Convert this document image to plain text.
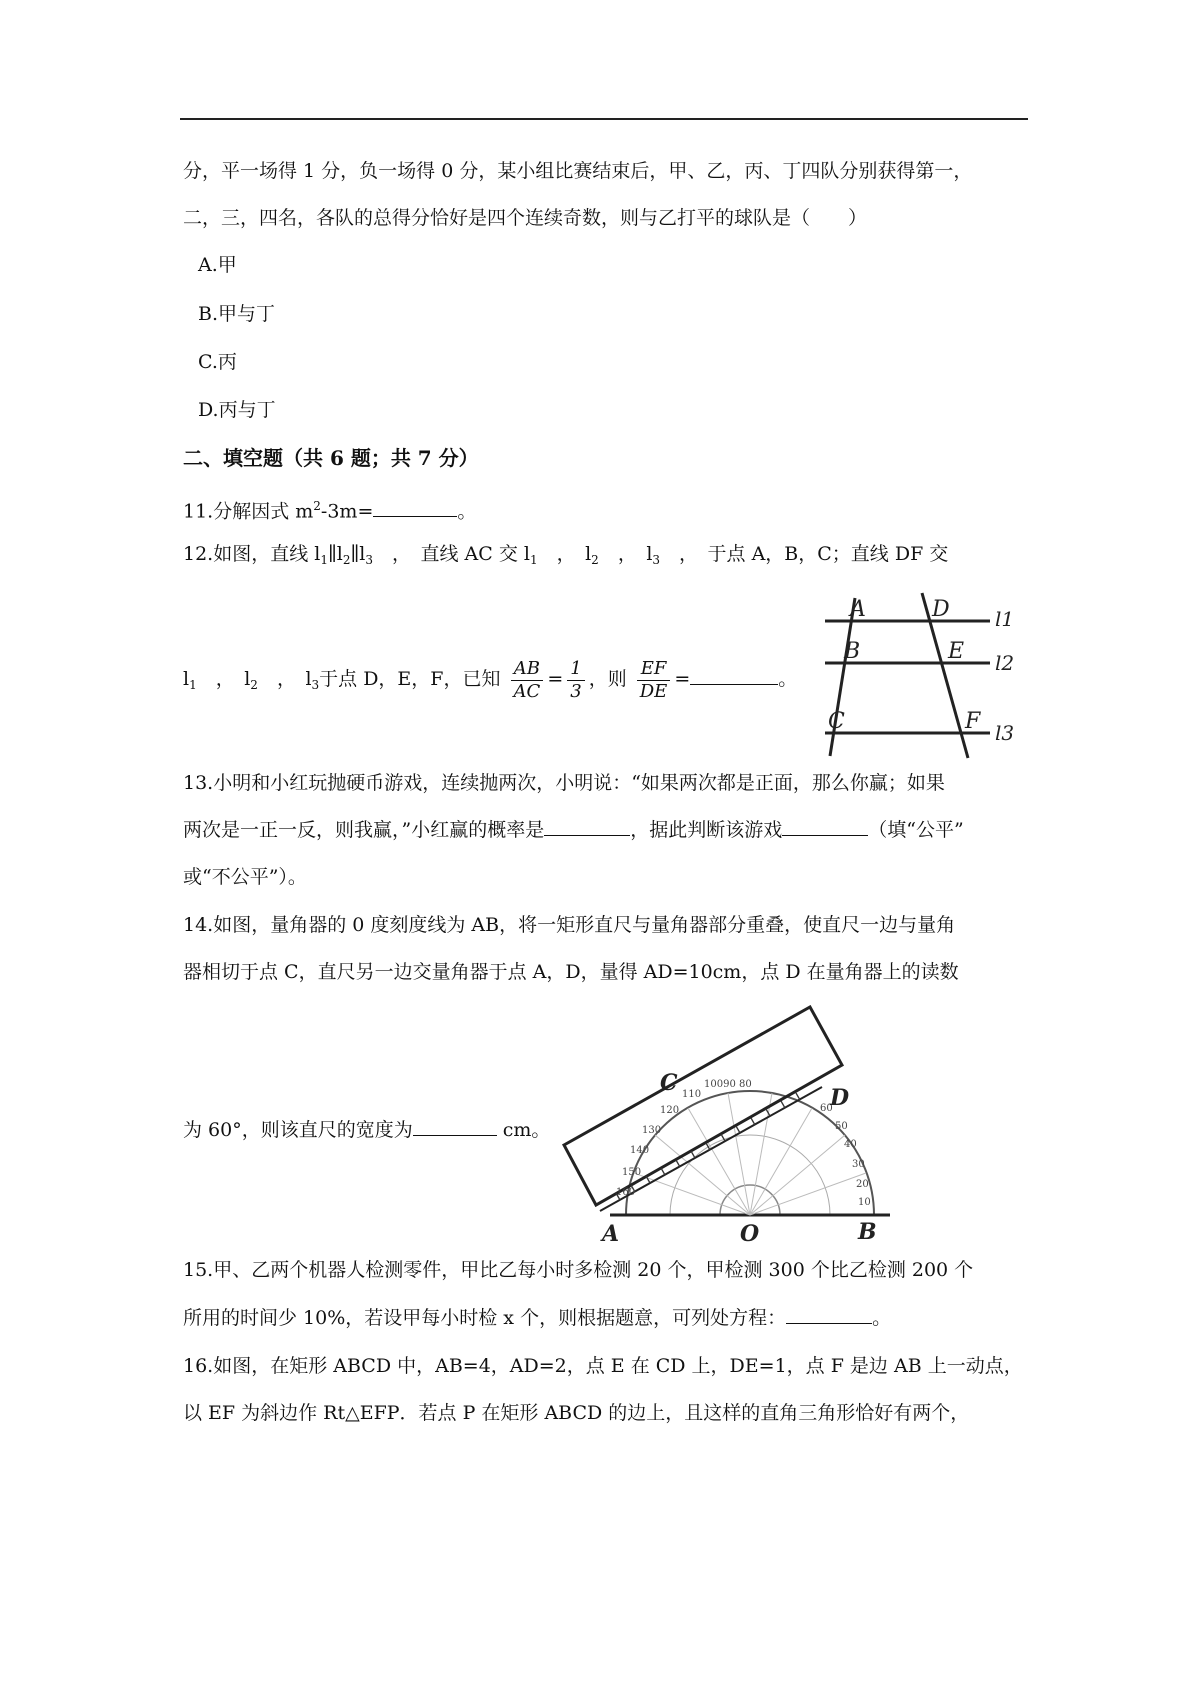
分，平一场得 1 分，负一场得 0 分，某小组比赛结束后，甲、乙，丙、丁四队分别获得第一，
二，三，四名，各队的总得分恰好是四个连续奇数，则与乙打平的球队是（　　）
A.甲
B.甲与丁
C.丙
D.丙与丁
二、填空题（共 6 题；共 7 分）
11.分解因式 $m^2-3m=$	。
12.如图，直线 $l_1\parallel l_2\parallel l_3$　，　直线 AC 交 $l_1$　，　$l_2$　，　$l_3$　，　于点 A，B，C；直线 DF 交
$l_1$　，　$l_2$　，　$l_3$于点 D，E，F，已知 $\frac{AB}{AC} = \frac{1}{3}$ ，则 $\frac{EF}{DE}$ =	。
A	D
B	E
C	F
l1
l2
l3
13.小明和小红玩抛硬币游戏，连续抛两次，小明说：“如果两次都是正面，那么你赢；如果
两次是一正一反，则我赢，”小红赢的概率是	，据此判断该游戏	（填“公平”
或“不公平”）。
14.如图，量角器的 0 度刻度线为 AB，将一矩形直尺与量角器部分重叠，使直尺一边与量角
器相切于点 C，直尺另一边交量角器于点 A，D，量得 AD=10cm，点 D 在量角器上的读数
为 60°，则该直尺的宽度为	cm。
10
20
30
40
50
60
110
120
130
140
150
160
10090 80
C
D
A	O	B
15.甲、乙两个机器人检测零件，甲比乙每小时多检测 20 个，甲检测 300 个比乙检测 200 个
所用的时间少 10%，若设甲每小时检 x 个，则根据题意，可列处方程：	。
16.如图，在矩形 ABCD 中，AB=4，AD=2，点 E 在 CD 上，DE=1，点 F 是边 AB 上一动点，
以 EF 为斜边作 Rt△EFP．若点 P 在矩形 ABCD 的边上，且这样的直角三角形恰好有两个，
